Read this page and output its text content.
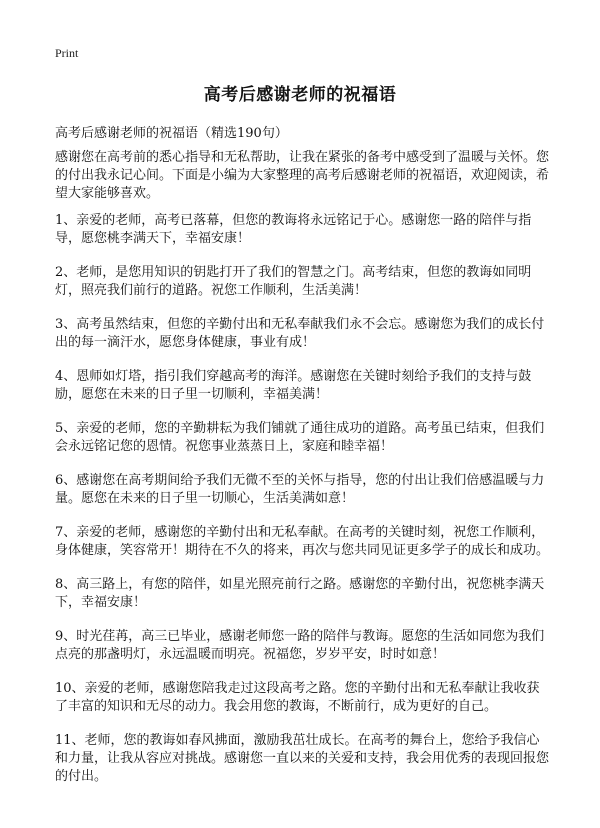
Print
高考后感谢老师的祝福语
高考后感谢老师的祝福语（精选190句）
感谢您在高考前的悉心指导和无私帮助，让我在紧张的备考中感受到了温暖与关怀。您的付出我永记心间。下面是小编为大家整理的高考后感谢老师的祝福语，欢迎阅读，希望大家能够喜欢。

1、亲爱的老师，高考已落幕，但您的教诲将永远铭记于心。感谢您一路的陪伴与指导，愿您桃李满天下，幸福安康！

2、老师，是您用知识的钥匙打开了我们的智慧之门。高考结束，但您的教诲如同明灯，照亮我们前行的道路。祝您工作顺利，生活美满！

3、高考虽然结束，但您的辛勤付出和无私奉献我们永不会忘。感谢您为我们的成长付出的每一滴汗水，愿您身体健康，事业有成！

4、恩师如灯塔，指引我们穿越高考的海洋。感谢您在关键时刻给予我们的支持与鼓励，愿您在未来的日子里一切顺利，幸福美满！

5、亲爱的老师，您的辛勤耕耘为我们铺就了通往成功的道路。高考虽已结束，但我们会永远铭记您的恩情。祝您事业蒸蒸日上，家庭和睦幸福！

6、感谢您在高考期间给予我们无微不至的关怀与指导，您的付出让我们倍感温暖与力量。愿您在未来的日子里一切顺心，生活美满如意！

7、亲爱的老师，感谢您的辛勤付出和无私奉献。在高考的关键时刻，祝您工作顺利，身体健康，笑容常开！期待在不久的将来，再次与您共同见证更多学子的成长和成功。

8、高三路上，有您的陪伴，如星光照亮前行之路。感谢您的辛勤付出，祝您桃李满天下，幸福安康！

9、时光荏苒，高三已毕业，感谢老师您一路的陪伴与教诲。愿您的生活如同您为我们点亮的那盏明灯，永远温暖而明亮。祝福您，岁岁平安，时时如意！

10、亲爱的老师，感谢您陪我走过这段高考之路。您的辛勤付出和无私奉献让我收获了丰富的知识和无尽的动力。我会用您的教诲，不断前行，成为更好的自己。

11、老师，您的教诲如春风拂面，激励我茁壮成长。在高考的舞台上，您给予我信心和力量，让我从容应对挑战。感谢您一直以来的关爱和支持，我会用优秀的表现回报您的付出。
